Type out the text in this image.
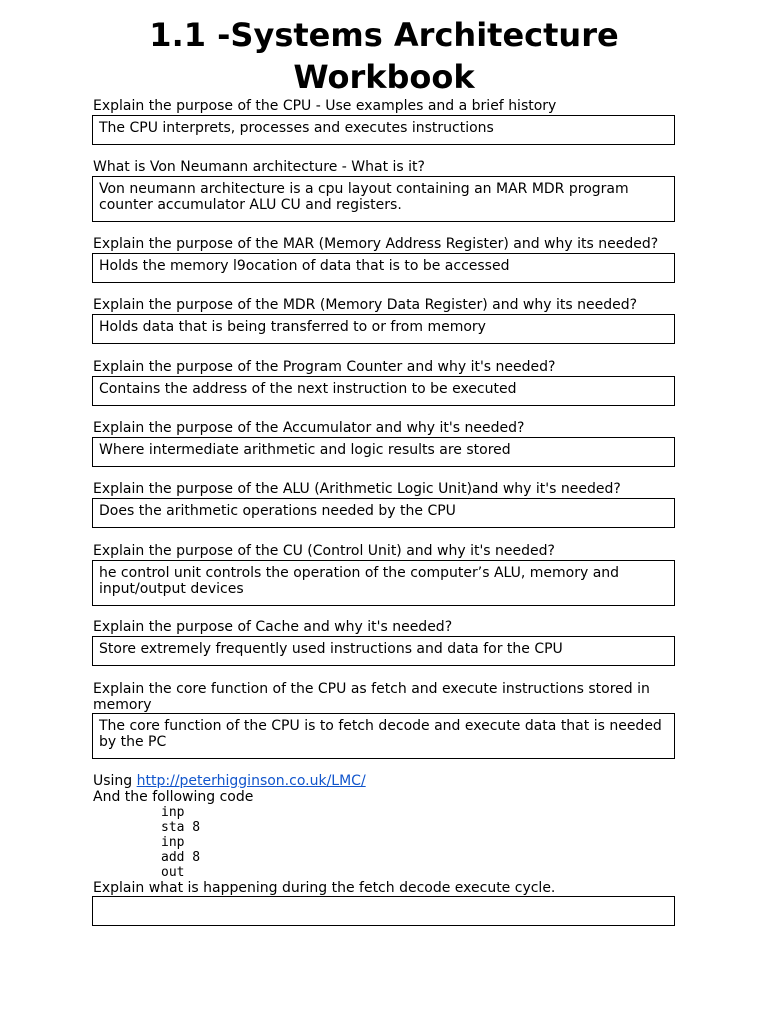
1.1 -Systems Architecture Workbook

Explain the purpose of the CPU - Use examples and a brief history

The CPU interprets, processes and executes instructions

What is Von Neumann architecture - What is it?

Von neumann architecture is a cpu layout containing an MAR MDR program counter accumulator ALU CU and registers.

Explain the purpose of the MAR (Memory Address Register) and why its needed?

Holds the memory l9ocation of data that is to be accessed

Explain the purpose of the MDR (Memory Data Register) and why its needed?

Holds data that is being transferred to or from memory

Explain the purpose of the Program Counter and why it's needed?

Contains the address of the next instruction to be executed

Explain the purpose of the Accumulator and why it's needed?

Where intermediate arithmetic and logic results are stored

Explain the purpose of the ALU (Arithmetic Logic Unit)and why it's needed?

Does the arithmetic operations needed by the CPU

Explain the purpose of the CU (Control Unit) and why it's needed?

he control unit controls the operation of the computer’s ALU, memory and input/output devices

Explain the purpose of Cache and why it's needed?

Store extremely frequently used instructions and data for the CPU

Explain the core function of the CPU as fetch and execute instructions stored in memory

The core function of the CPU is to fetch decode and execute data that is needed by the PC
Using http://peterhigginson.co.uk/LMC/
And the following code
inp
sta 8
inp
add 8
out
Explain what is happening during the fetch decode execute cycle.
